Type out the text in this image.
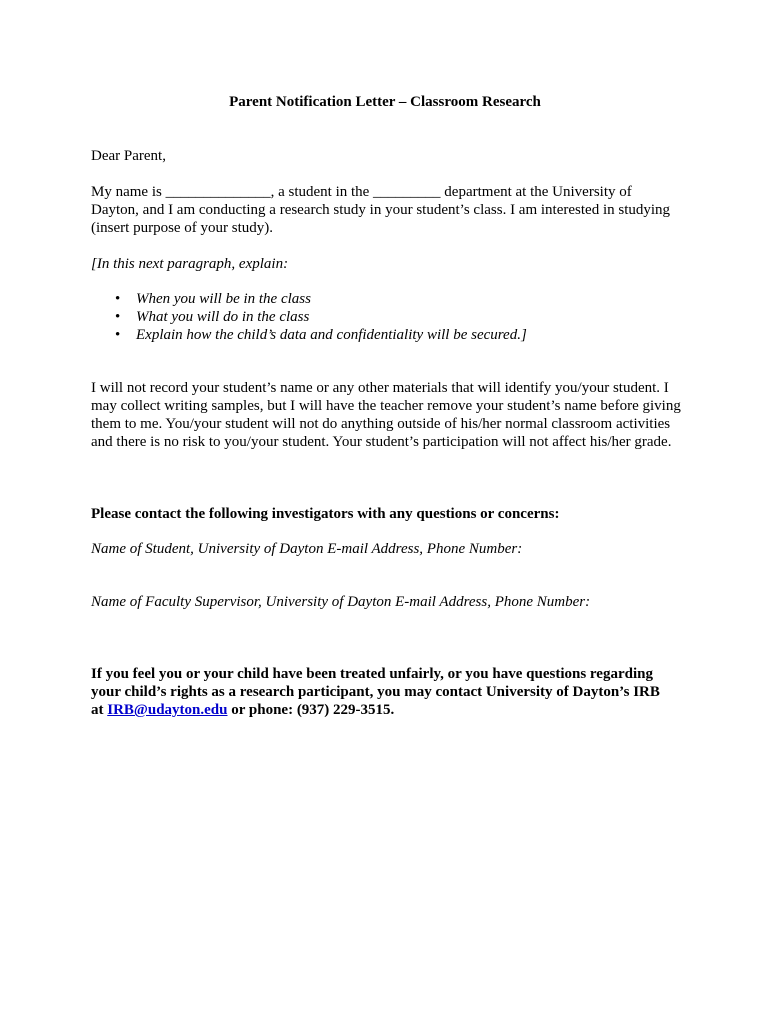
Parent Notification Letter – Classroom Research
Dear Parent,
My name is ______________, a student in the _________ department at the University of Dayton, and I am conducting a research study in your student’s class. I am interested in studying (insert purpose of your study).
[In this next paragraph, explain:
• When you will be in the class
• What you will do in the class
• Explain how the child’s data and confidentiality will be secured.]
I will not record your student’s name or any other materials that will identify you/your student. I may collect writing samples, but I will have the teacher remove your student’s name before giving them to me. You/your student will not do anything outside of his/her normal classroom activities and there is no risk to you/your student. Your student’s participation will not affect his/her grade.
Please contact the following investigators with any questions or concerns:
Name of Student, University of Dayton E-mail Address, Phone Number:
Name of Faculty Supervisor, University of Dayton E-mail Address, Phone Number:
If you feel you or your child have been treated unfairly, or you have questions regarding your child’s rights as a research participant, you may contact University of Dayton’s IRB at IRB@udayton.edu or phone: (937) 229-3515.
